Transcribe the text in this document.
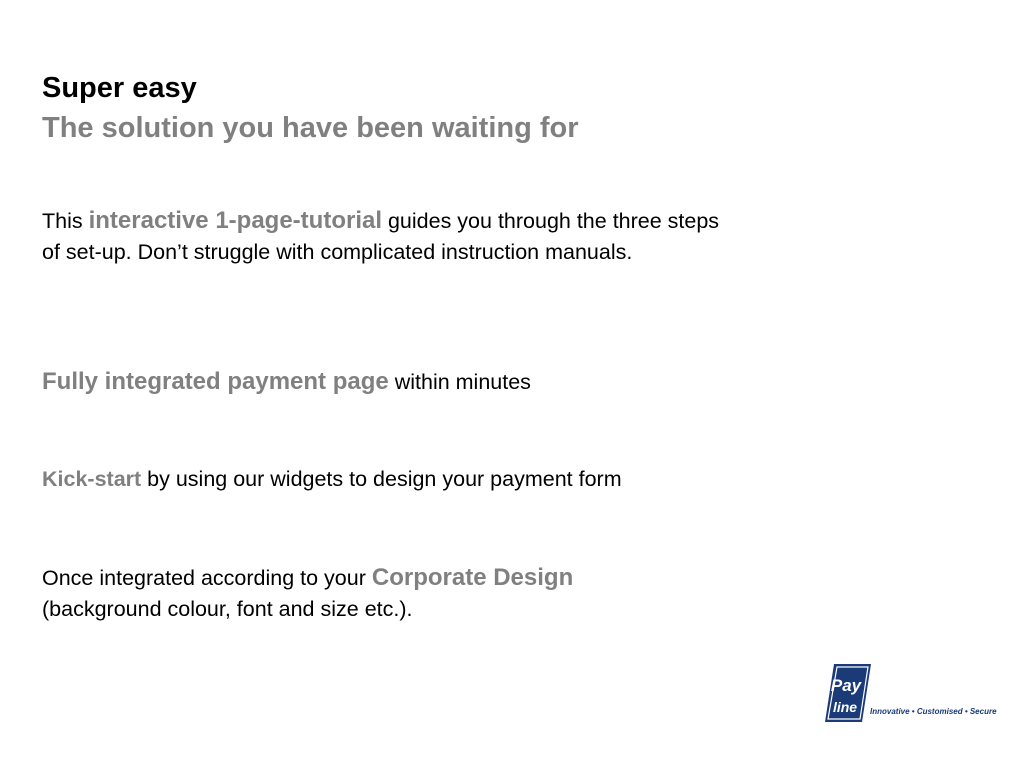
Super easy
The solution you have been waiting for

This interactive 1-page-tutorial guides you through the three steps of set-up. Don’t struggle with complicated instruction manuals.

Fully integrated payment page within minutes

Kick-start by using our widgets to design your payment form

Once integrated according to your Corporate Design
(background colour, font and size etc.).

Pay
line Innovative • Customised • Secure
